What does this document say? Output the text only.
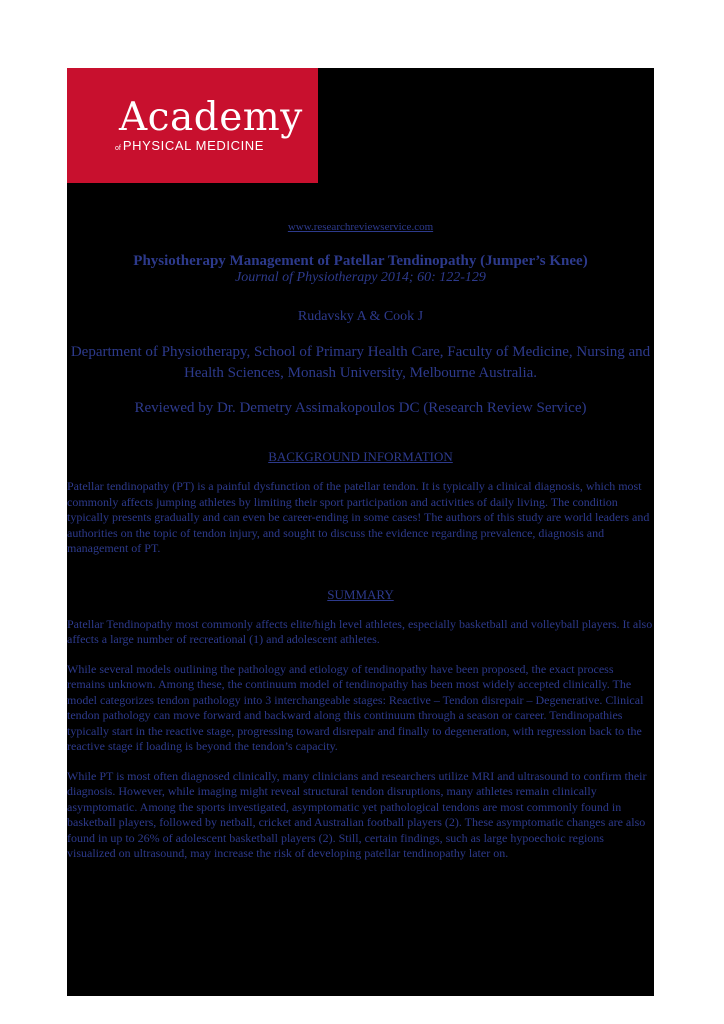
Academy
of PHYSICAL MEDICINE

www.researchreviewservice.com

Physiotherapy Management of Patellar Tendinopathy (Jumper’s Knee)

Journal of Physiotherapy 2014; 60: 122-129

Rudavsky A & Cook J

Department of Physiotherapy, School of Primary Health Care, Faculty of Medicine, Nursing and Health Sciences, Monash University, Melbourne Australia.

Reviewed by Dr. Demetry Assimakopoulos DC (Research Review Service)

BACKGROUND INFORMATION

Patellar tendinopathy (PT) is a painful dysfunction of the patellar tendon. It is typically a clinical diagnosis, which most commonly affects jumping athletes by limiting their sport participation and activities of daily living. The condition typically presents gradually and can even be career-ending in some cases! The authors of this study are world leaders and authorities on the topic of tendon injury, and sought to discuss the evidence regarding prevalence, diagnosis and management of PT.

SUMMARY

Patellar Tendinopathy most commonly affects elite/high level athletes, especially basketball and volleyball players. It also affects a large number of recreational (1) and adolescent athletes.

While several models outlining the pathology and etiology of tendinopathy have been proposed, the exact process remains unknown. Among these, the continuum model of tendinopathy has been most widely accepted clinically. The model categorizes tendon pathology into 3 interchangeable stages: Reactive – Tendon disrepair – Degenerative. Clinical tendon pathology can move forward and backward along this continuum through a season or career. Tendinopathies typically start in the reactive stage, progressing toward disrepair and finally to degeneration, with regression back to the reactive stage if loading is beyond the tendon’s capacity.

While PT is most often diagnosed clinically, many clinicians and researchers utilize MRI and ultrasound to confirm their diagnosis. However, while imaging might reveal structural tendon disruptions, many athletes remain clinically asymptomatic. Among the sports investigated, asymptomatic yet pathological tendons are most commonly found in basketball players, followed by netball, cricket and Australian football players (2). These asymptomatic changes are also found in up to 26% of adolescent basketball players (2). Still, certain findings, such as large hypoechoic regions visualized on ultrasound, may increase the risk of developing patellar tendinopathy later on.
